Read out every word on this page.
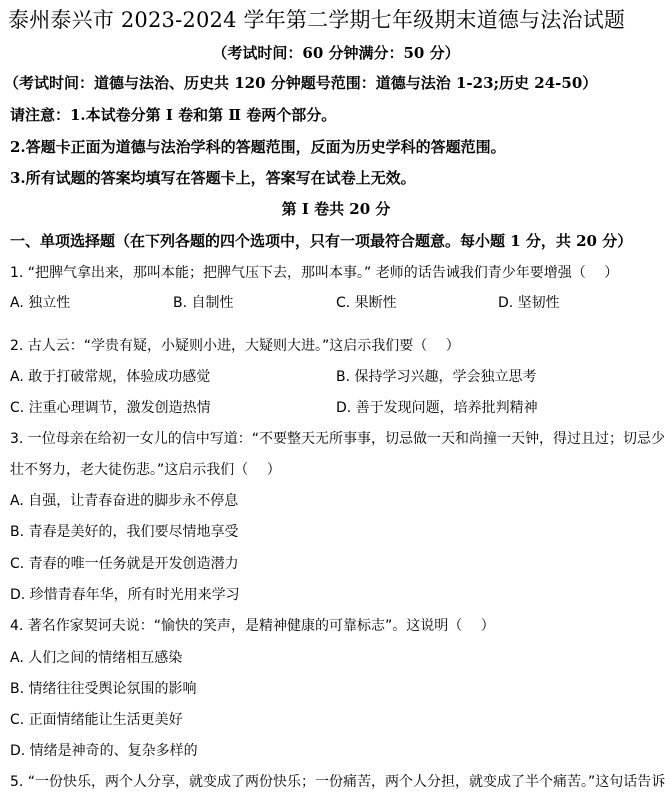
泰州泰兴市 2023-2024 学年第二学期七年级期末道德与法治试题
（考试时间：60 分钟满分：50 分）
（考试时间：道德与法治、历史共 120 分钟题号范围：道德与法治 1-23;历史 24-50）
请注意：1.本试卷分第 I 卷和第 Ⅱ 卷两个部分。
2.答题卡正面为道德与法治学科的答题范围，反面为历史学科的答题范围。
3.所有试题的答案均填写在答题卡上，答案写在试卷上无效。
第 I 卷共 20 分
一、单项选择题（在下列各题的四个选项中，只有一项最符合题意。每小题 1 分，共 20 分）
1. “把脾气拿出来，那叫本能；把脾气压下去，那叫本事。” 老师的话告诫我们青少年要增强（　 ）
A. 独立性	B. 自制性	C. 果断性	D. 坚韧性
2. 古人云：“学贵有疑，小疑则小进，大疑则大进。”这启示我们要（　 ）
A. 敢于打破常规，体验成功感觉	B. 保持学习兴趣，学会独立思考
C. 注重心理调节，激发创造热情	D. 善于发现问题，培养批判精神
3. 一位母亲在给初一女儿的信中写道：“不要整天无所事事，切忌做一天和尚撞一天钟，得过且过；切忌少
壮不努力，老大徒伤悲。”这启示我们（　 ）
A. 自强，让青春奋进的脚步永不停息
B. 青春是美好的，我们要尽情地享受
C. 青春的唯一任务就是开发创造潜力
D. 珍惜青春年华，所有时光用来学习
4. 著名作家契诃夫说：“愉快的笑声，是精神健康的可靠标志”。这说明（　 ）
A. 人们之间的情绪相互感染
B. 情绪往往受舆论氛围的影响
C. 正面情绪能让生活更美好
D. 情绪是神奇的、复杂多样的
5. “一份快乐，两个人分享，就变成了两份快乐；一份痛苦，两个人分担，就变成了半个痛苦。”这句话告诉
